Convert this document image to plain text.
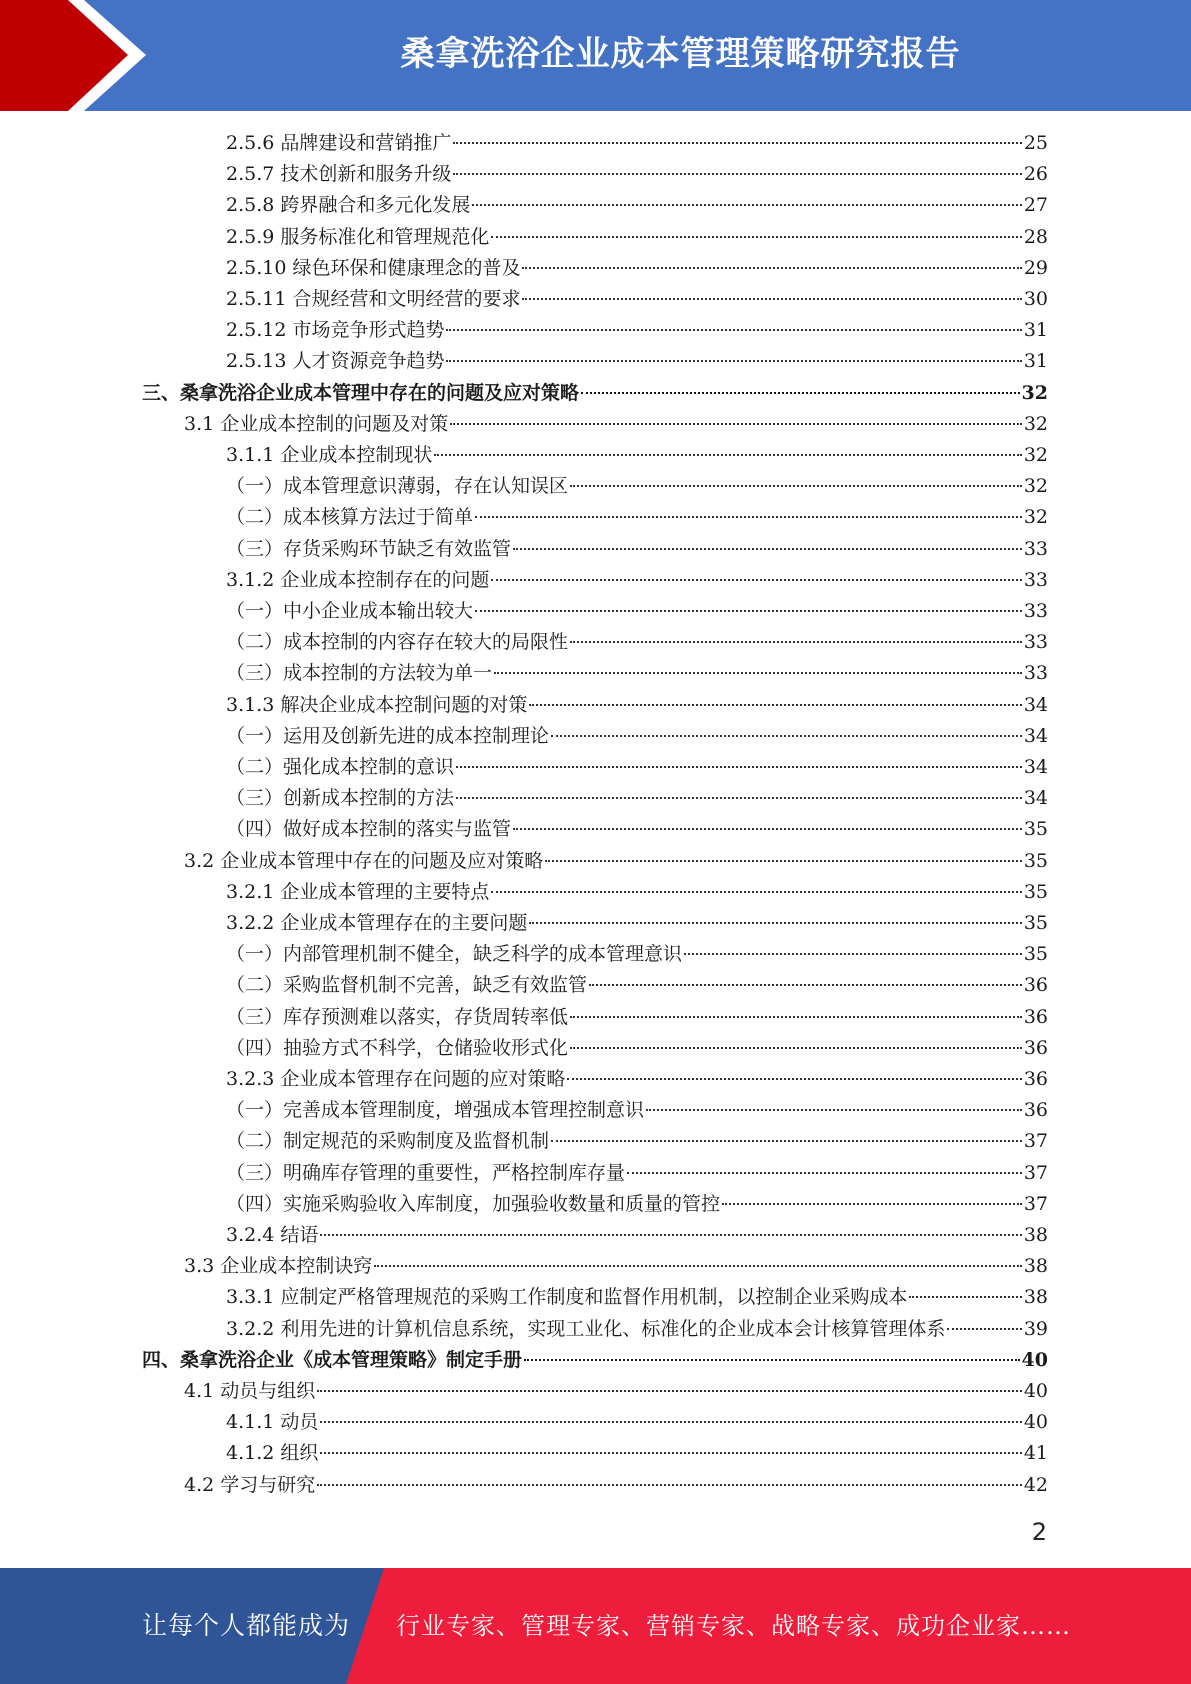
桑拿洗浴企业成本管理策略研究报告
2.5.6 品牌建设和营销推广	25
2.5.7 技术创新和服务升级	26
2.5.8 跨界融合和多元化发展	27
2.5.9 服务标准化和管理规范化	28
2.5.10 绿色环保和健康理念的普及	29
2.5.11 合规经营和文明经营的要求	30
2.5.12 市场竞争形式趋势	31
2.5.13 人才资源竞争趋势	31
三、桑拿洗浴企业成本管理中存在的问题及应对策略	32
3.1 企业成本控制的问题及对策	32
3.1.1 企业成本控制现状	32
（一）成本管理意识薄弱，存在认知误区	32
（二）成本核算方法过于简单	32
（三）存货采购环节缺乏有效监管	33
3.1.2 企业成本控制存在的问题	33
（一）中小企业成本输出较大	33
（二）成本控制的内容存在较大的局限性	33
（三）成本控制的方法较为单一	33
3.1.3 解决企业成本控制问题的对策	34
（一）运用及创新先进的成本控制理论	34
（二）强化成本控制的意识	34
（三）创新成本控制的方法	34
（四）做好成本控制的落实与监管	35
3.2 企业成本管理中存在的问题及应对策略	35
3.2.1 企业成本管理的主要特点	35
3.2.2 企业成本管理存在的主要问题	35
（一）内部管理机制不健全，缺乏科学的成本管理意识	35
（二）采购监督机制不完善，缺乏有效监管	36
（三）库存预测难以落实，存货周转率低	36
（四）抽验方式不科学，仓储验收形式化	36
3.2.3 企业成本管理存在问题的应对策略	36
（一）完善成本管理制度，增强成本管理控制意识	36
（二）制定规范的采购制度及监督机制	37
（三）明确库存管理的重要性，严格控制库存量	37
（四）实施采购验收入库制度，加强验收数量和质量的管控	37
3.2.4 结语	38
3.3 企业成本控制诀窍	38
3.3.1 应制定严格管理规范的采购工作制度和监督作用机制，以控制企业采购成本	38
3.2.2 利用先进的计算机信息系统，实现工业化、标准化的企业成本会计核算管理体系	39
四、桑拿洗浴企业《成本管理策略》制定手册	40
4.1 动员与组织	40
4.1.1 动员	40
4.1.2 组织	41
4.2 学习与研究	42
2
让每个人都能成为 行业专家、管理专家、营销专家、战略专家、成功企业家……
